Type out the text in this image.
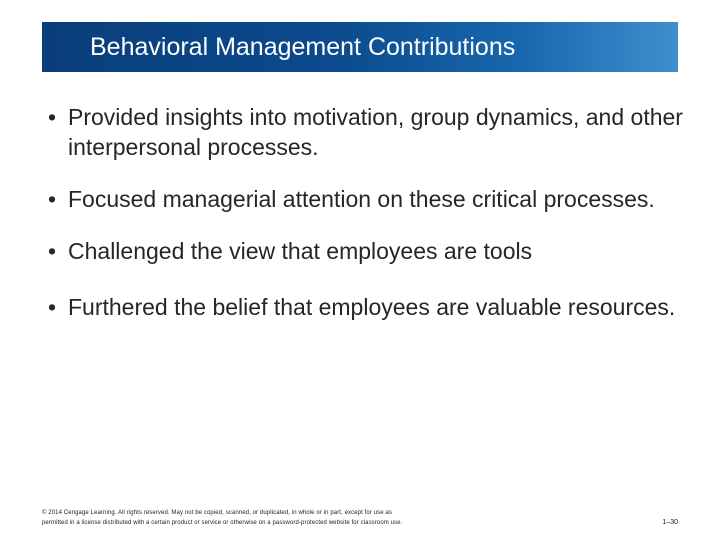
Behavioral Management Contributions
• Provided insights into motivation, group dynamics, and other interpersonal processes.
• Focused managerial attention on these critical processes.
• Challenged the view that employees are tools
• Furthered the belief that employees are valuable resources.
© 2014 Cengage Learning. All rights reserved. May not be copied, scanned, or duplicated, in whole or in part, except for use as
permitted in a license distributed with a certain product or service or otherwise on a password-protected website for classroom use.	1–30
